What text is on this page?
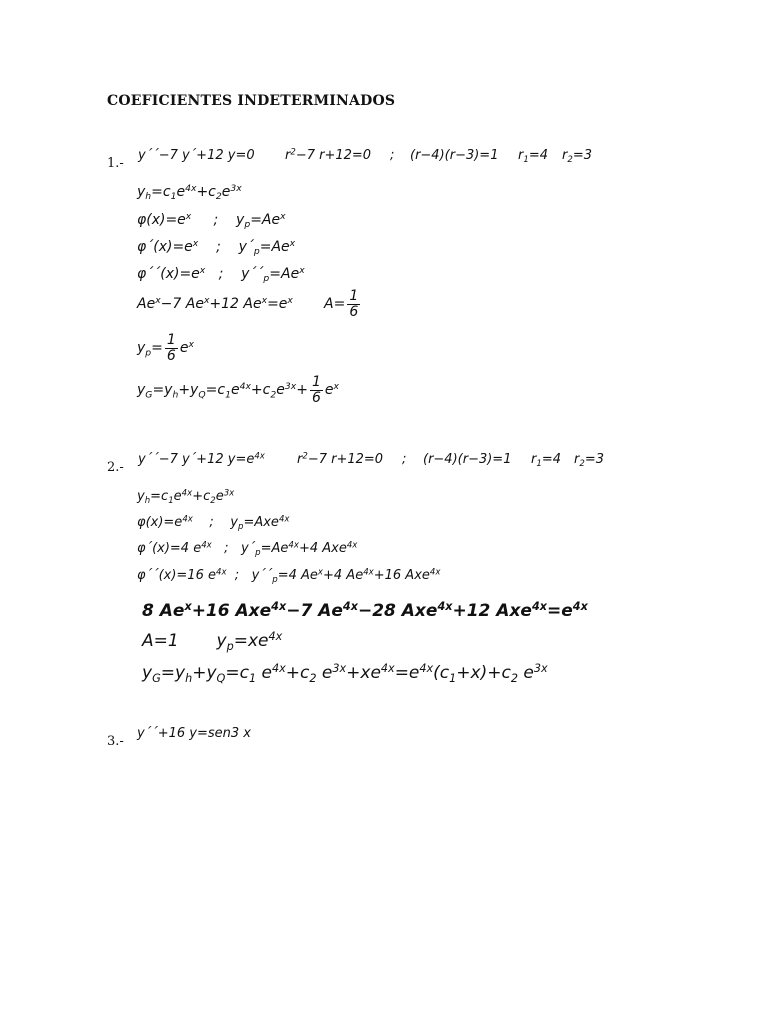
COEFICIENTES INDETERMINADOS
1.-
y´´−7 y´+12 y=0 $r^2-7$ r+12=0 ; (r−4)(r−3)=1 $r_1=4$ $r_2=3$
$y_h=c_1e^{4x}+c_2e^{3x}$
$\varphi(x)=e^x$     ;    $y_p=Ae^x$
$\varphi´(x)=e^x$    ;    $y´_p=Ae^x$
$\varphi´´(x)=e^x$   ;    $y´´_p=Ae^x$
$Ae^x-7$ $Ae^x+12$ $Ae^x=e^x$       $A= \frac{1}{6}$
$y_p= \frac{1}{6} e^x$
$y_G=y_h+y_Q=c_1e^{4x}+c_2e^{3x}+ \frac{1}{6} e^x$
2.-
y´´−7 y´+12 $y=e^{4x}$ $r^2-7$ r+12=0 ; (r−4)(r−3)=1 $r_1=4$ $r_2=3$
$y_h=c_1e^{4x}+c_2e^{3x}$
$\varphi(x)=e^{4x}$    ;    $y_p=Axe^{4x}$
φ´(x)=4 $e^{4x}$   ;   $y´_p=Ae^{4x}+4$ Axe$^{4x}$
φ´´(x)=16 $e^{4x}$  ;   $y´´_p=4$ $Ae^x+4$ $Ae^{4x}+16$ Axe$^{4x}$
8 $Ae^x+16$ Axe$^{4x}$−7 $Ae^{4x}-28$ Axe$^{4x}$+12 $Axe^{4x}=e^{4x}$
A=1       $y_p=xe^{4x}$
$y_G=y_h+y_Q=c_1$ $e^{4x}+c_2$ $e^{3x}+xe^{4x}=e^{4x}(c_1+x)+c_2$ $e^{3x}$
3.-
y´´+16 y=sen3 x
